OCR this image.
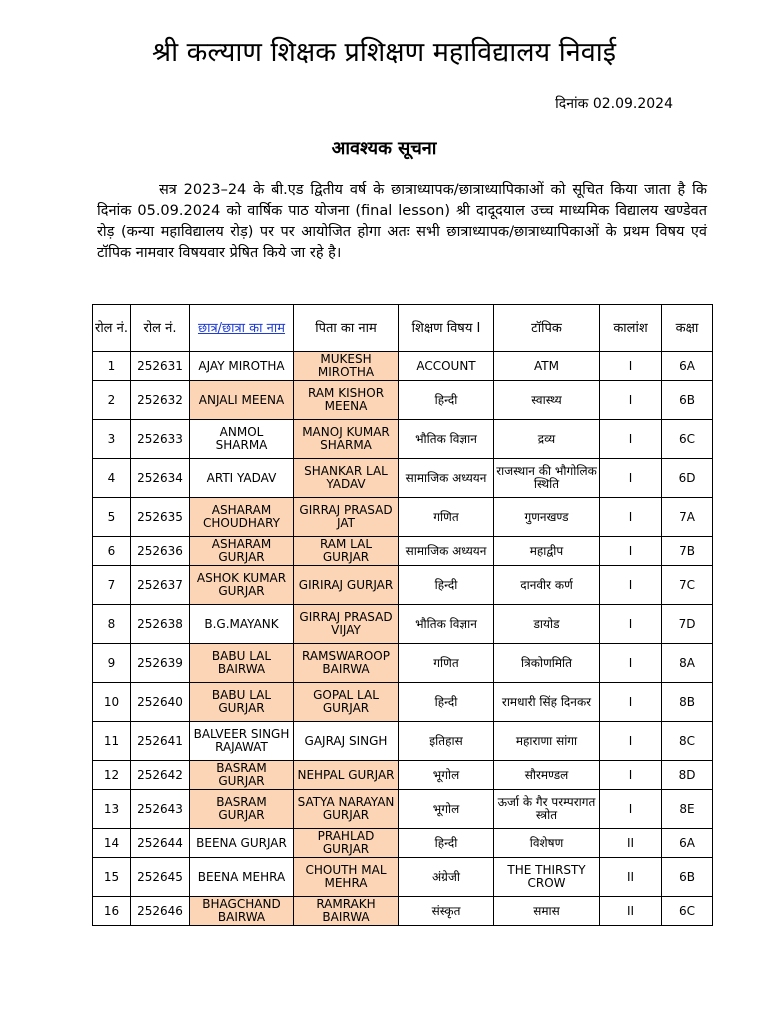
श्री कल्याण शिक्षक प्रशिक्षण महाविद्यालय निवाई
दिनांक 02.09.2024
आवश्यक सूचना
सत्र 2023–24 के बी.एड द्वितीय वर्ष के छात्राध्यापक/छात्राध्यापिकाओं को सूचित किया जाता है कि दिनांक 05.09.2024 को वार्षिक पाठ योजना (final lesson) श्री दादूदयाल उच्च माध्यमिक विद्यालय खण्डेवत रोड़ (कन्या महाविद्यालय रोड़) पर पर आयोजित होगा अतः सभी छात्राध्यापक/छात्राध्यापिकाओं के प्रथम विषय एवं टॉपिक नामवार विषयवार प्रेषित किये जा रहे है।
रोल नं.	रोल नं.	छात्र/छात्रा का नाम	पिता का नाम	शिक्षण विषय I	टॉपिक	कालांश	कक्षा
1	252631	AJAY MIROTHA	MUKESH MIROTHA	ACCOUNT	ATM	I	6A
2	252632	ANJALI MEENA	RAM KISHOR MEENA	हिन्दी	स्वास्थ्य	I	6B
3	252633	ANMOL SHARMA	MANOJ KUMAR SHARMA	भौतिक विज्ञान	द्रव्य	I	6C
4	252634	ARTI YADAV	SHANKAR LAL YADAV	सामाजिक अध्ययन	राजस्थान की भौगोलिक स्थिति	I	6D
5	252635	ASHARAM CHOUDHARY	GIRRAJ PRASAD JAT	गणित	गुणनखण्ड	I	7A
6	252636	ASHARAM GURJAR	RAM LAL GURJAR	सामाजिक अध्ययन	महाद्वीप	I	7B
7	252637	ASHOK KUMAR GURJAR	GIRIRAJ GURJAR	हिन्दी	दानवीर कर्ण	I	7C
8	252638	B.G.MAYANK	GIRRAJ PRASAD VIJAY	भौतिक विज्ञान	डायोड	I	7D
9	252639	BABU LAL BAIRWA	RAMSWAROOP BAIRWA	गणित	त्रिकोणमिति	I	8A
10	252640	BABU LAL GURJAR	GOPAL LAL GURJAR	हिन्दी	रामधारी सिंह दिनकर	I	8B
11	252641	BALVEER SINGH RAJAWAT	GAJRAJ SINGH	इतिहास	महाराणा सांगा	I	8C
12	252642	BASRAM GURJAR	NEHPAL GURJAR	भूगोल	सौरमण्डल	I	8D
13	252643	BASRAM GURJAR	SATYA NARAYAN GURJAR	भूगोल	ऊर्जा के गैर परम्परागत स्त्रोत	I	8E
14	252644	BEENA GURJAR	PRAHLAD GURJAR	हिन्दी	विशेषण	II	6A
15	252645	BEENA MEHRA	CHOUTH MAL MEHRA	अंग्रेजी	THE THIRSTY CROW	II	6B
16	252646	BHAGCHAND BAIRWA	RAMRAKH BAIRWA	संस्कृत	समास	II	6C
